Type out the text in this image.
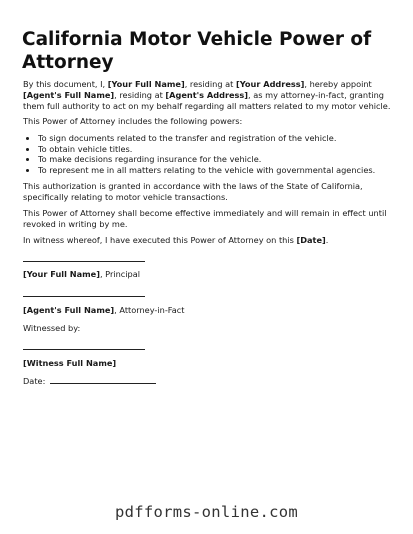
California Motor Vehicle Power of Attorney

By this document, I, [Your Full Name], residing at [Your Address], hereby appoint [Agent's Full Name], residing at [Agent's Address], as my attorney-in-fact, granting them full authority to act on my behalf regarding all matters related to my motor vehicle.

This Power of Attorney includes the following powers:

• To sign documents related to the transfer and registration of the vehicle.
• To obtain vehicle titles.
• To make decisions regarding insurance for the vehicle.
• To represent me in all matters relating to the vehicle with governmental agencies.

This authorization is granted in accordance with the laws of the State of California, specifically relating to motor vehicle transactions.

This Power of Attorney shall become effective immediately and will remain in effect until revoked in writing by me.

In witness whereof, I have executed this Power of Attorney on this [Date].

[Your Full Name], Principal
[Agent's Full Name], Attorney-in-Fact
Witnessed by:
[Witness Full Name]
Date:
pdfforms-online.com
